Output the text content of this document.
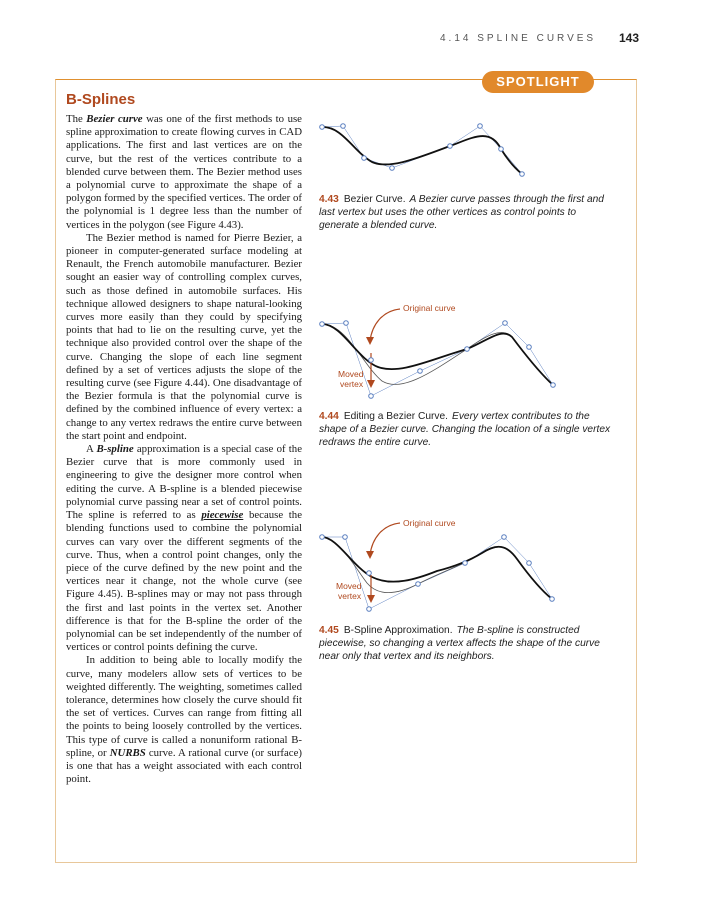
4.14 SPLINE CURVES 143
SPOTLIGHT
B-Splines

The Bezier curve was one of the first methods to use spline approximation to create flowing curves in CAD applications. The first and last vertices are on the curve, but the rest of the vertices contribute to a blended curve between them. The Bezier method uses a polynomial curve to approximate the shape of a polygon formed by the specified vertices. The order of the polynomial is 1 degree less than the number of vertices in the polygon (see Figure 4.43).

The Bezier method is named for Pierre Bezier, a pioneer in computer-generated surface modeling at Renault, the French automobile manufacturer. Bezier sought an easier way of controlling complex curves, such as those defined in automobile surfaces. His technique allowed designers to shape natural-looking curves more easily than they could by specifying points that had to lie on the resulting curve, yet the technique also provided control over the shape of the curve. Changing the slope of each line segment defined by a set of vertices adjusts the slope of the resulting curve (see Figure 4.44). One disadvantage of the Bezier formula is that the polynomial curve is defined by the combined influence of every vertex: a change to any vertex redraws the entire curve between the start point and endpoint.

A B-spline approximation is a special case of the Bezier curve that is more commonly used in engineering to give the designer more control when editing the curve. A B-spline is a blended piecewise polynomial curve passing near a set of control points. The spline is referred to as piecewise because the blending functions used to combine the polynomial curves can vary over the different segments of the curve. Thus, when a control point changes, only the piece of the curve defined by the new point and the vertices near it change, not the whole curve (see Figure 4.45). B-splines may or may not pass through the first and last points in the vertex set. Another difference is that for the B-spline the order of the polynomial can be set independently of the number of vertices or control points defining the curve.

In addition to being able to locally modify the curve, many modelers allow sets of vertices to be weighted differently. The weighting, sometimes called tolerance, determines how closely the curve should fit the set of vertices. Curves can range from fitting all the points to being loosely controlled by the vertices. This type of curve is called a nonuniform rational B-spline, or NURBS curve. A rational curve (or surface) is one that has a weight associated with each control point.

4.43 Bezier Curve. A Bezier curve passes through the first and last vertex but uses the other vertices as control points to generate a blended curve.
Original curve
Moved
vertex
4.44 Editing a Bezier Curve. Every vertex contributes to the shape of a Bezier curve. Changing the location of a single vertex redraws the entire curve.
Original curve
Moved
vertex
4.45 B-Spline Approximation. The B-spline is constructed piecewise, so changing a vertex affects the shape of the curve near only that vertex and its neighbors.
